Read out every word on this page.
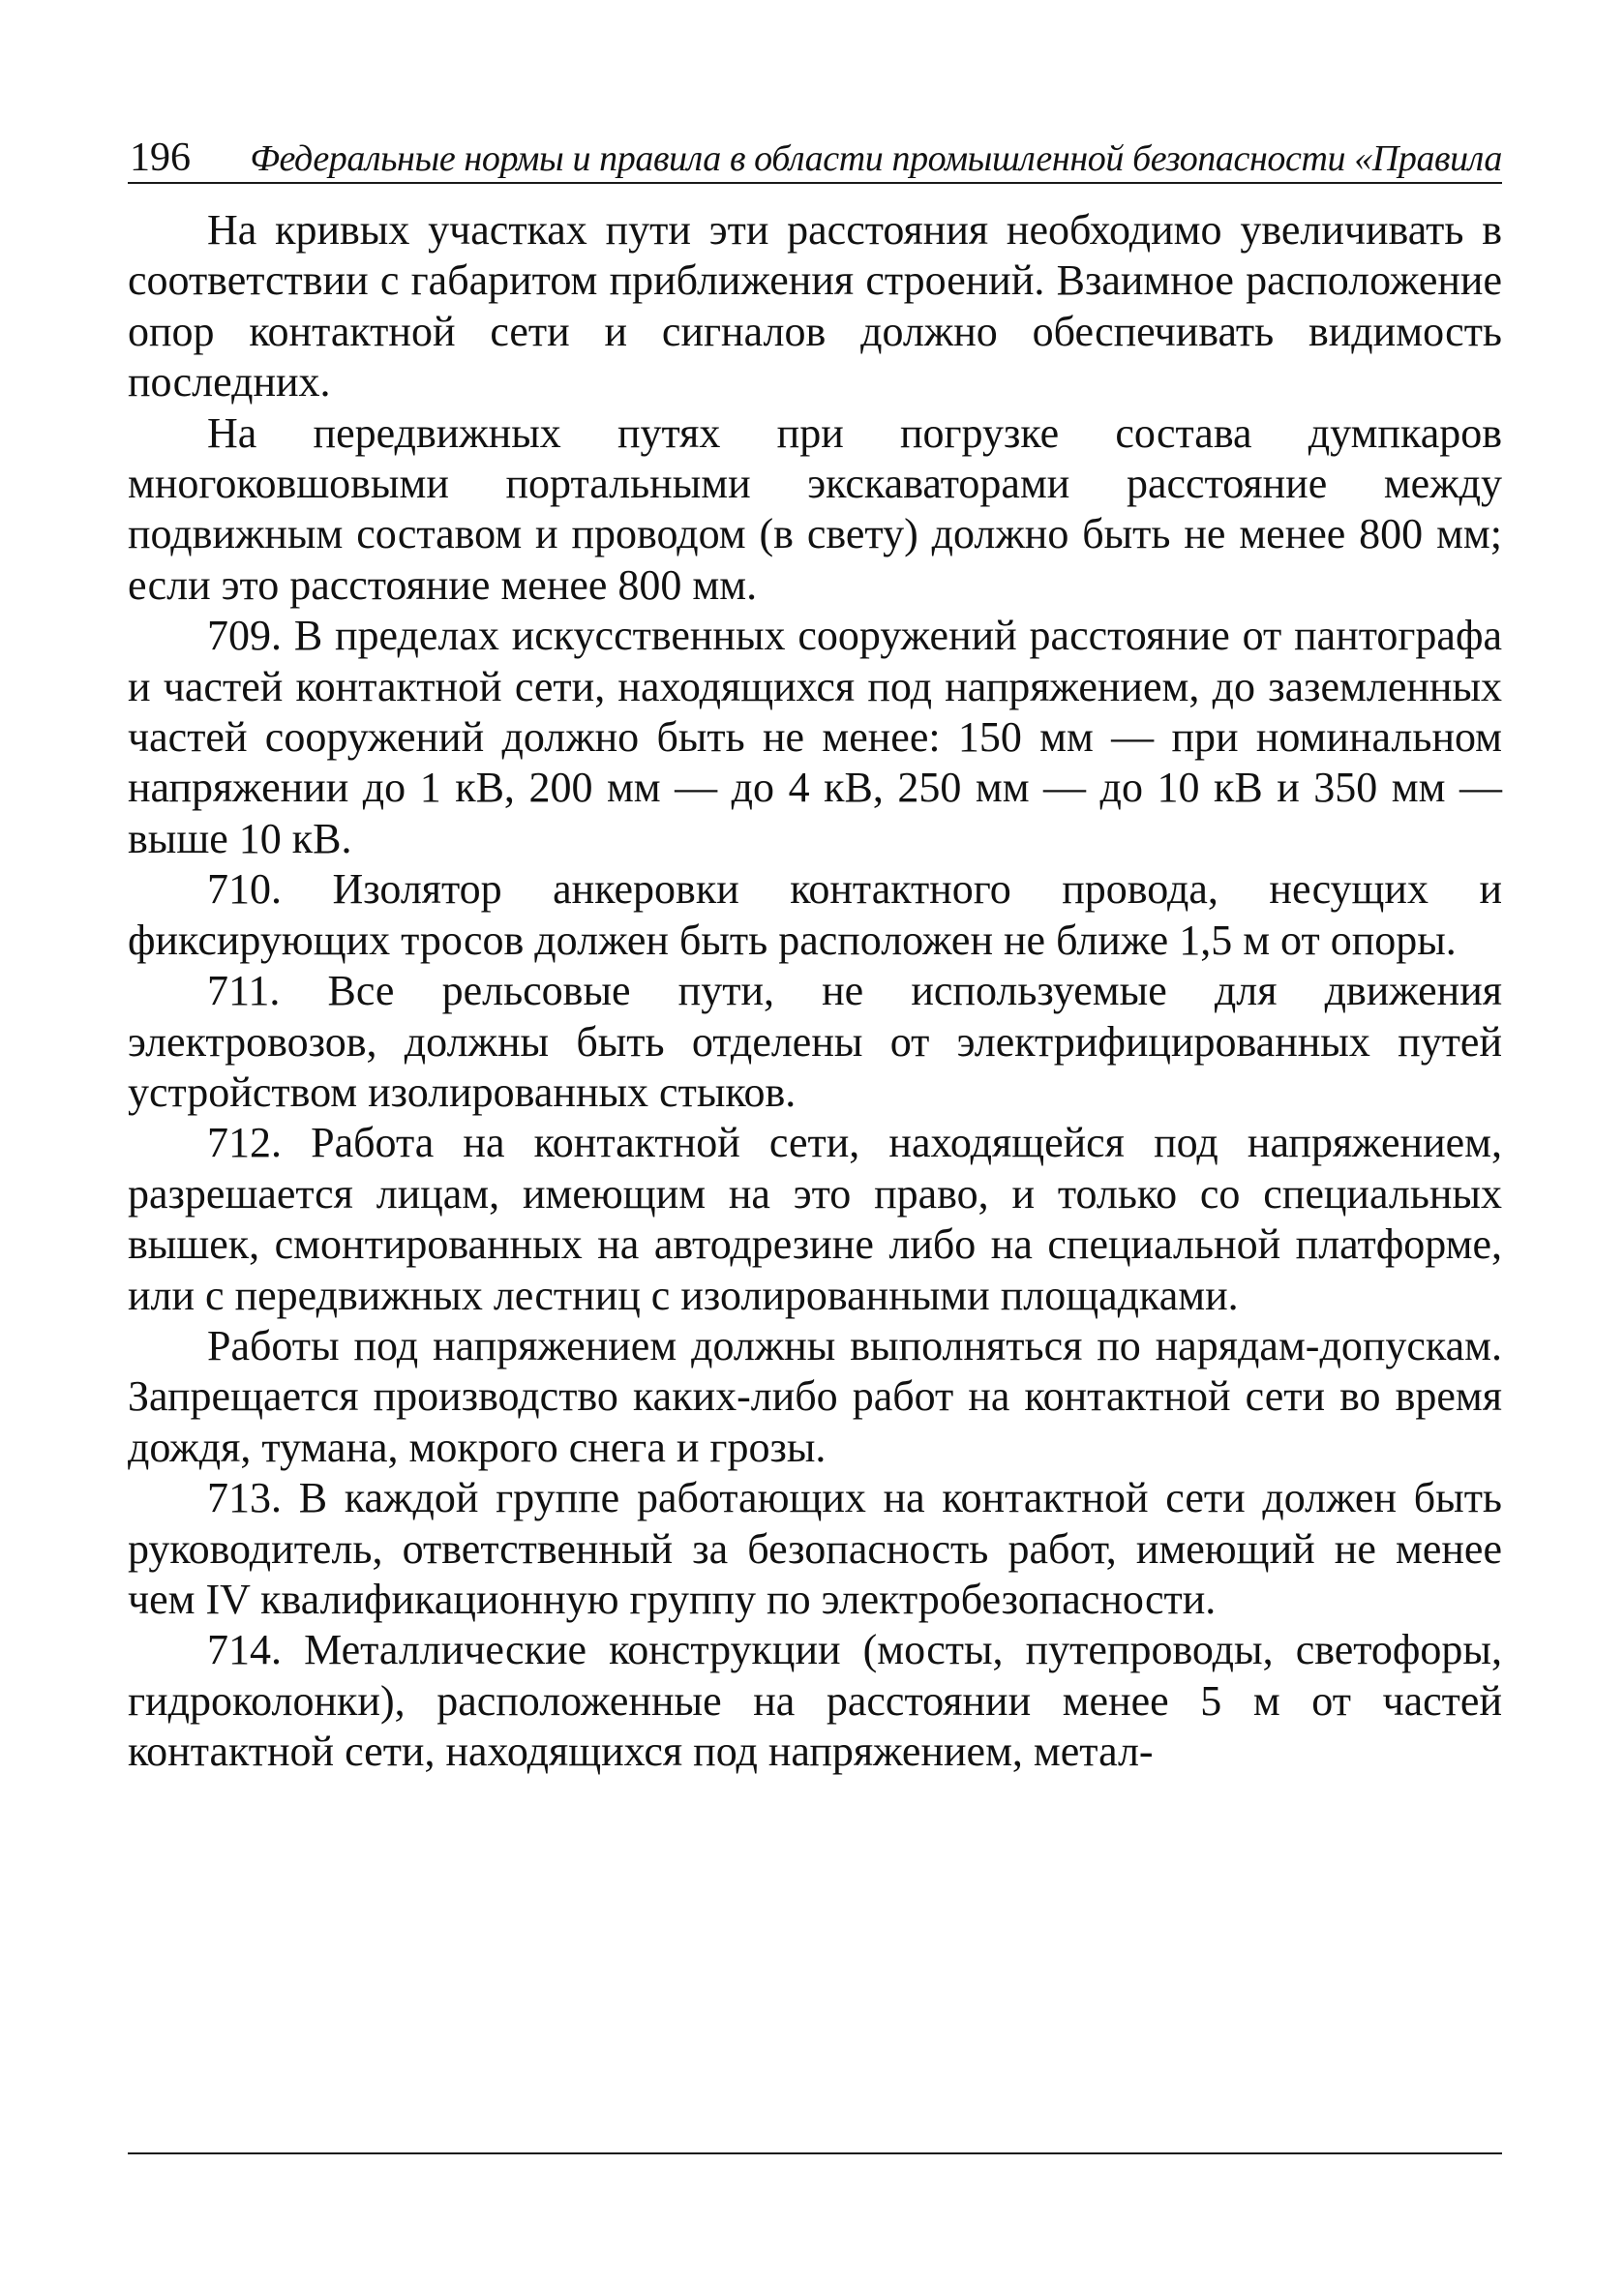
196 Федеральные нормы и правила в области промышленной безопасности «Правила

На кривых участках пути эти расстояния необходимо увеличивать в соответствии с габаритом приближения строений. Взаимное расположение опор контактной сети и сигналов должно обеспечивать видимость последних.

На передвижных путях при погрузке состава думпкаров многоковшовыми портальными экскаваторами расстояние между подвижным составом и проводом (в свету) должно быть не менее 800 мм; если это расстояние менее 800 мм.

709. В пределах искусственных сооружений расстояние от пантографа и частей контактной сети, находящихся под напряжением, до заземленных частей сооружений должно быть не менее: 150 мм — при номинальном напряжении до 1 кВ, 200 мм — до 4 кВ, 250 мм — до 10 кВ и 350 мм — выше 10 кВ.

710. Изолятор анкеровки контактного провода, несущих и фиксирующих тросов должен быть расположен не ближе 1,5 м от опоры.

711. Все рельсовые пути, не используемые для движения электровозов, должны быть отделены от электрифицированных путей устройством изолированных стыков.

712. Работа на контактной сети, находящейся под напряжением, разрешается лицам, имеющим на это право, и только со специальных вышек, смонтированных на автодрезине либо на специальной платформе, или с передвижных лестниц с изолированными площадками.

Работы под напряжением должны выполняться по нарядам-допускам. Запрещается производство каких-либо работ на контактной сети во время дождя, тумана, мокрого снега и грозы.

713. В каждой группе работающих на контактной сети должен быть руководитель, ответственный за безопасность работ, имеющий не менее чем IV квалификационную группу по электробезопасности.

714. Металлические конструкции (мосты, путепроводы, светофоры, гидроколонки), расположенные на расстоянии менее 5 м от частей контактной сети, находящихся под напряжением, метал-
